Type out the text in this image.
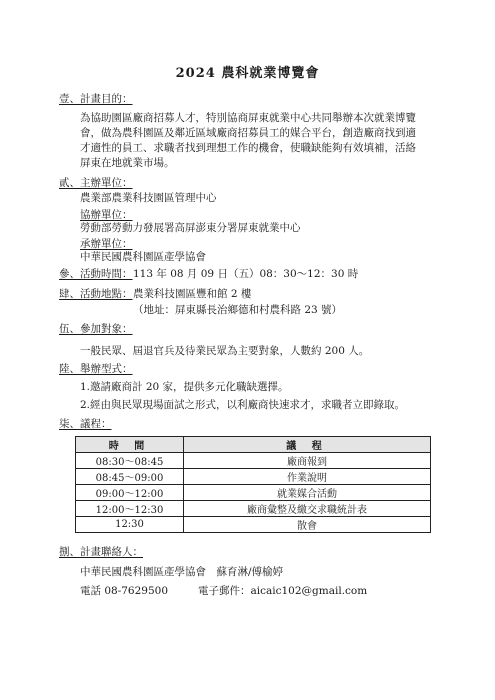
2024 農科就業博覽會
壹、計畫目的：
為協助園區廠商招募人才，特別協商屏東就業中心共同舉辦本次就業博覽
會，做為農科園區及鄰近區域廠商招募員工的媒合平台，創造廠商找到適
才適性的員工、求職者找到理想工作的機會，使職缺能夠有效填補，活絡
屏東在地就業市場。
貳、主辦單位：
農業部農業科技園區管理中心
協辦單位：
勞動部勞動力發展署高屏澎東分署屏東就業中心
承辦單位：
中華民國農科園區產學協會
參、活動時間： 113 年 08 月 09 日（五）08：30～12：30 時
肆、活動地點： 農業科技園區豐和館 2 樓
（地址：屏東縣長治鄉德和村農科路 23 號）
伍、參加對象：
一般民眾、屆退官兵及待業民眾為主要對象，人數約 200 人。
陸、舉辦型式：
1.邀請廠商計 20 家，提供多元化職缺選擇。
2.經由與民眾現場面試之形式，以利廠商快速求才，求職者立即錄取。
柒、議程：
時 間	議 程
08:30～08:45	廠商報到
08:45～09:00	作業說明
09:00～12:00	就業媒合活動
12:00～12:30	廠商彙整及繳交求職統計表
12:30	散會
捌、計畫聯絡人：
中華民國農科園區產學協會　蘇育淋/傅榆婷
電話 08-7629500	電子郵件：aicaic102@gmail.com
